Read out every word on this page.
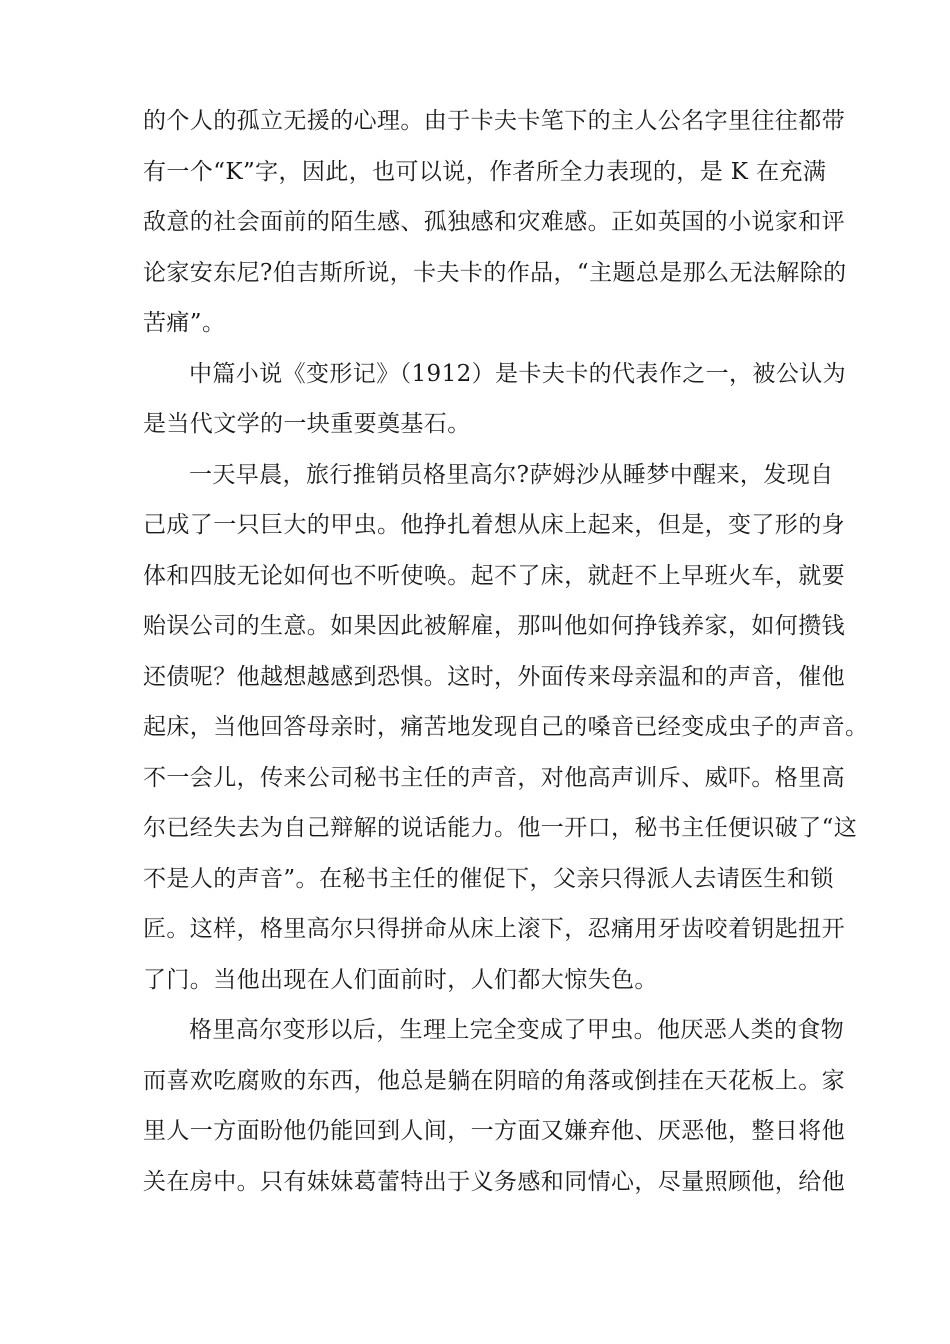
的个人的孤立无援的心理。由于卡夫卡笔下的主人公名字里往往都带
有一个“K”字，因此，也可以说，作者所全力表现的，是 K 在充满
敌意的社会面前的陌生感、孤独感和灾难感。正如英国的小说家和评
论家安东尼?伯吉斯所说，卡夫卡的作品，“主题总是那么无法解除的
苦痛”。
中篇小说《变形记》（1912）是卡夫卡的代表作之一，被公认为
是当代文学的一块重要奠基石。
一天早晨，旅行推销员格里高尔?萨姆沙从睡梦中醒来，发现自
己成了一只巨大的甲虫。他挣扎着想从床上起来，但是，变了形的身
体和四肢无论如何也不听使唤。起不了床，就赶不上早班火车，就要
贻误公司的生意。如果因此被解雇，那叫他如何挣钱养家，如何攒钱
还债呢？他越想越感到恐惧。这时，外面传来母亲温和的声音，催他
起床，当他回答母亲时，痛苦地发现自己的嗓音已经变成虫子的声音。
不一会儿，传来公司秘书主任的声音，对他高声训斥、威吓。格里高
尔已经失去为自己辩解的说话能力。他一开口，秘书主任便识破了“这
不是人的声音”。在秘书主任的催促下，父亲只得派人去请医生和锁
匠。这样，格里高尔只得拼命从床上滚下，忍痛用牙齿咬着钥匙扭开
了门。当他出现在人们面前时，人们都大惊失色。
格里高尔变形以后，生理上完全变成了甲虫。他厌恶人类的食物
而喜欢吃腐败的东西，他总是躺在阴暗的角落或倒挂在天花板上。家
里人一方面盼他仍能回到人间，一方面又嫌弃他、厌恶他，整日将他
关在房中。只有妹妹葛蕾特出于义务感和同情心，尽量照顾他，给他
